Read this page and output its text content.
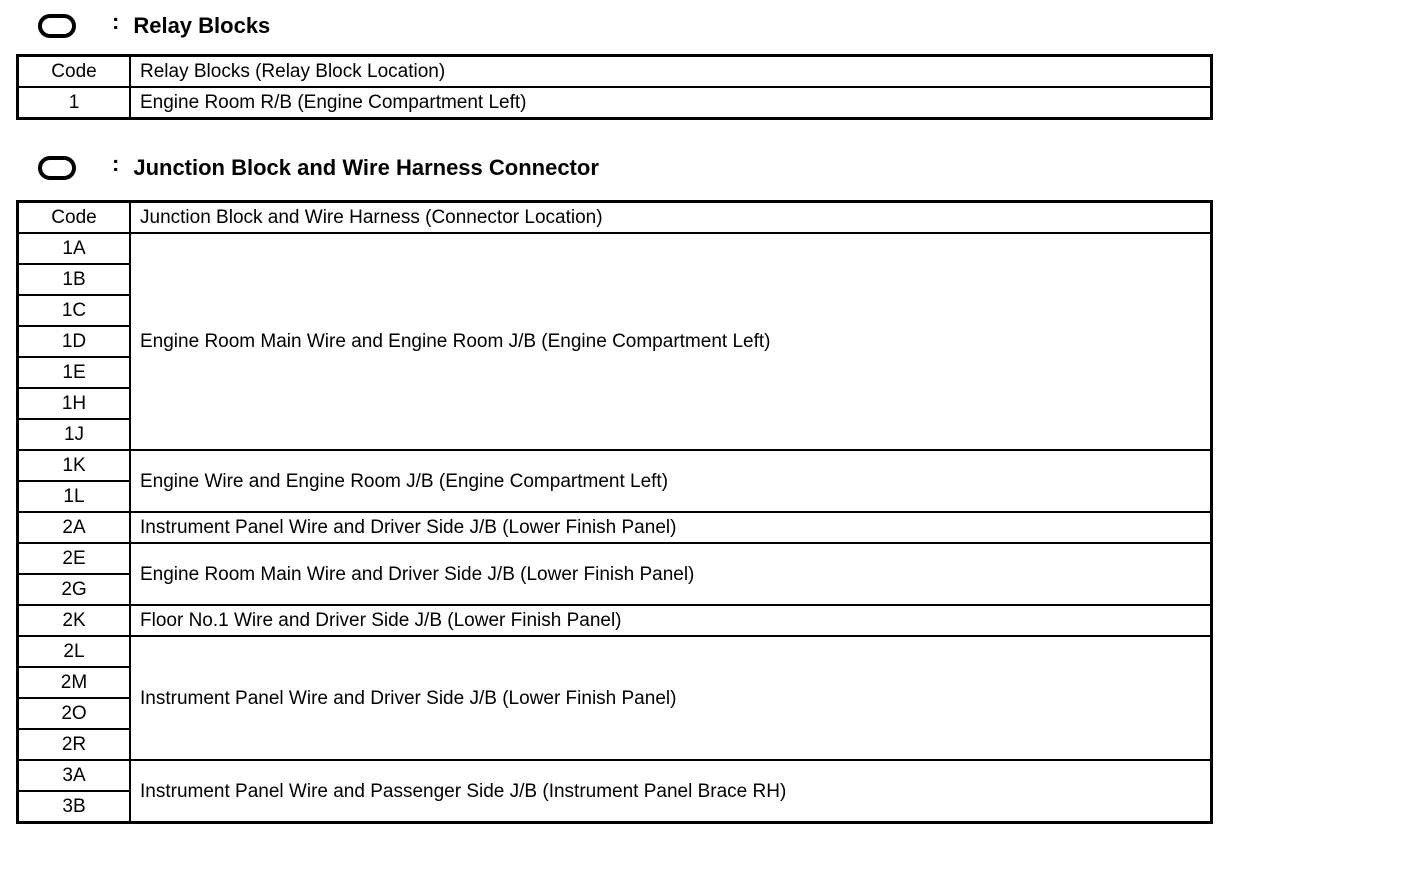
: Relay Blocks
Code	Relay Blocks (Relay Block Location)
1	Engine Room R/B (Engine Compartment Left)
: Junction Block and Wire Harness Connector
Code	Junction Block and Wire Harness (Connector Location)
1A	Engine Room Main Wire and Engine Room J/B (Engine Compartment Left)
1B	
1C	
1D	
1E	
1H	
1J	
1K	Engine Wire and Engine Room J/B (Engine Compartment Left)
1L	
2A	Instrument Panel Wire and Driver Side J/B (Lower Finish Panel)
2E	Engine Room Main Wire and Driver Side J/B (Lower Finish Panel)
2G	
2K	Floor No.1 Wire and Driver Side J/B (Lower Finish Panel)
2L	Instrument Panel Wire and Driver Side J/B (Lower Finish Panel)
2M	
2O	
2R	
3A	Instrument Panel Wire and Passenger Side J/B (Instrument Panel Brace RH)
3B	
